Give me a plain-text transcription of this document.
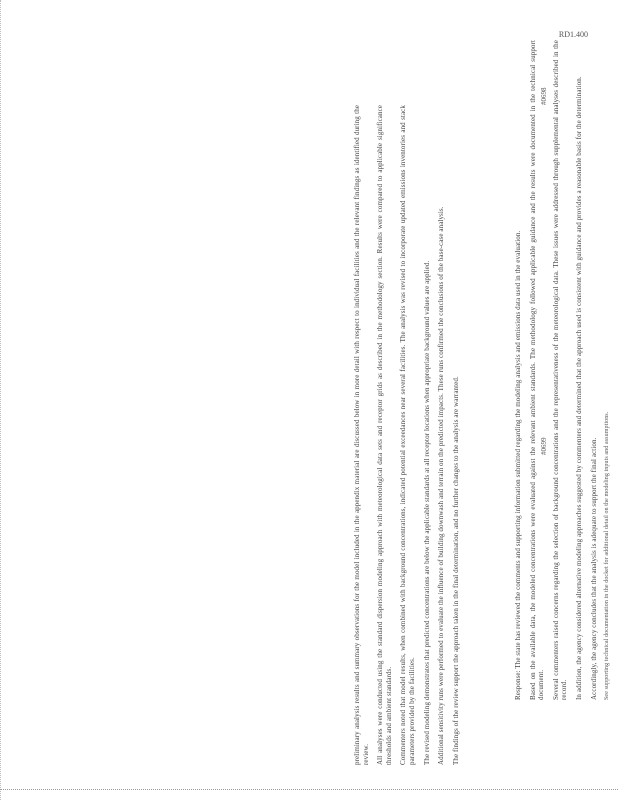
RD1.400

preliminary analysis results and summary observations for the model included in the appendix material are discussed below in more detail with respect to individual facilities and the relevant findings as identified during the review. All analyses were conducted using the standard dispersion modeling approach with meteorological data sets and receptor grids as described in the methodology section. Results were compared to applicable significance thresholds and ambient standards. Commenters noted that model results, when combined with background concentrations, indicated potential exceedances near several facilities. The analysis was revised to incorporate updated emissions inventories and stack parameters provided by the facilities. The revised modeling demonstrates that predicted concentrations are below the applicable standards at all receptor locations when appropriate background values are applied. Additional sensitivity runs were performed to evaluate the influence of building downwash and terrain on the predicted impacts. These runs confirmed the conclusions of the base-case analysis. The findings of the review support the approach taken in the final determination, and no further changes to the analysis are warranted.	Response: The state has reviewed the comments and supporting information submitted regarding the modeling analysis and emissions data used in the evaluation. Based on the available data, the modeled concentrations were evaluated against the relevant ambient standards. The methodology followed applicable guidance and the results were documented in the technical support document. Several commenters raised concerns regarding the selection of background concentrations and the representativeness of the meteorological data. These issues were addressed through supplemental analyses described in the record. In addition, the agency considered alternative modeling approaches suggested by commenters and determined that the approach used is consistent with guidance and provides a reasonable basis for the determination. Accordingly, the agency concludes that the analysis is adequate to support the final action. See supporting technical documentation in the docket for additional detail on the modeling inputs and assumptions.

#0699
#0698
